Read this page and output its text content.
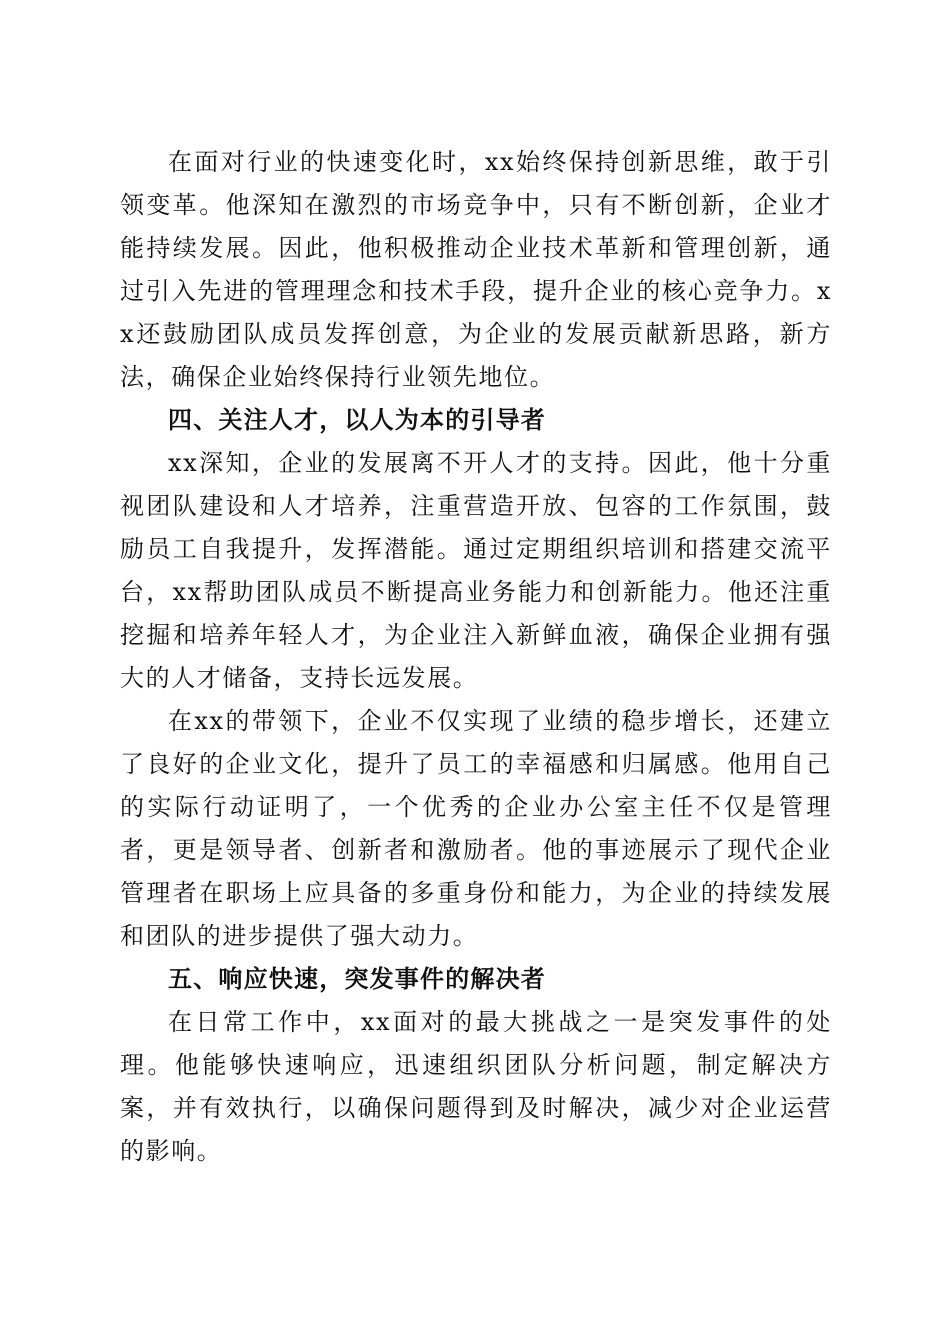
在面对行业的快速变化时，xx始终保持创新思维，敢于引领变革。他深知在激烈的市场竞争中，只有不断创新，企业才能持续发展。因此，他积极推动企业技术革新和管理创新，通过引入先进的管理理念和技术手段，提升企业的核心竞争力。xx还鼓励团队成员发挥创意，为企业的发展贡献新思路，新方法，确保企业始终保持行业领先地位。

四、关注人才，以人为本的引导者

xx深知，企业的发展离不开人才的支持。因此，他十分重视团队建设和人才培养，注重营造开放、包容的工作氛围，鼓励员工自我提升，发挥潜能。通过定期组织培训和搭建交流平台，xx帮助团队成员不断提高业务能力和创新能力。他还注重挖掘和培养年轻人才，为企业注入新鲜血液，确保企业拥有强大的人才储备，支持长远发展。

在xx的带领下，企业不仅实现了业绩的稳步增长，还建立了良好的企业文化，提升了员工的幸福感和归属感。他用自己的实际行动证明了，一个优秀的企业办公室主任不仅是管理者，更是领导者、创新者和激励者。他的事迹展示了现代企业管理者在职场上应具备的多重身份和能力，为企业的持续发展和团队的进步提供了强大动力。

五、响应快速，突发事件的解决者

在日常工作中，xx面对的最大挑战之一是突发事件的处理。他能够快速响应，迅速组织团队分析问题，制定解决方案，并有效执行，以确保问题得到及时解决，减少对企业运营的影响。
